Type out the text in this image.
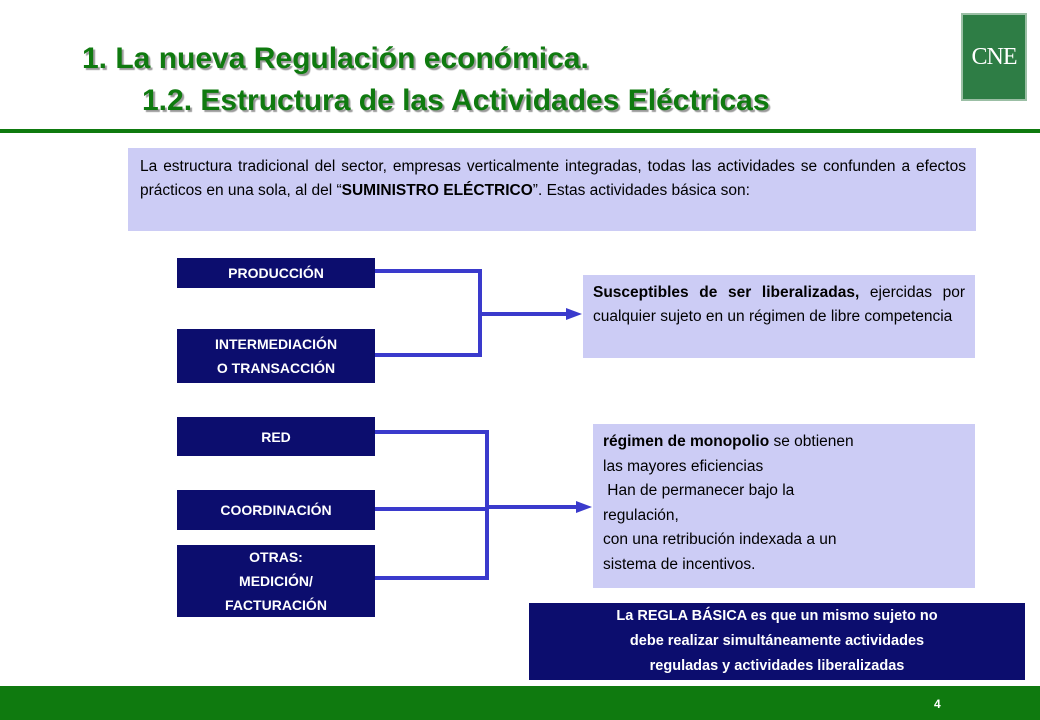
1. La nueva Regulación económica.
1.2. Estructura de las Actividades Eléctricas
CNE
La estructura tradicional del sector, empresas verticalmente integradas, todas las actividades se confunden a efectos prácticos en una sola, al del “SUMINISTRO ELÉCTRICO”. Estas actividades básica son:
PRODUCCIÓN
INTERMEDIACIÓN
O TRANSACCIÓN
RED
COORDINACIÓN
OTRAS:
MEDICIÓN/
FACTURACIÓN
Susceptibles de ser liberalizadas, ejercidas por cualquier sujeto en un régimen de libre competencia
régimen de monopolio se obtienen
las mayores eficiencias
Han de permanecer bajo la
regulación,
con una retribución indexada a un
sistema de incentivos.
La REGLA BÁSICA es que un mismo sujeto no
debe realizar simultáneamente actividades
reguladas y actividades liberalizadas
4
